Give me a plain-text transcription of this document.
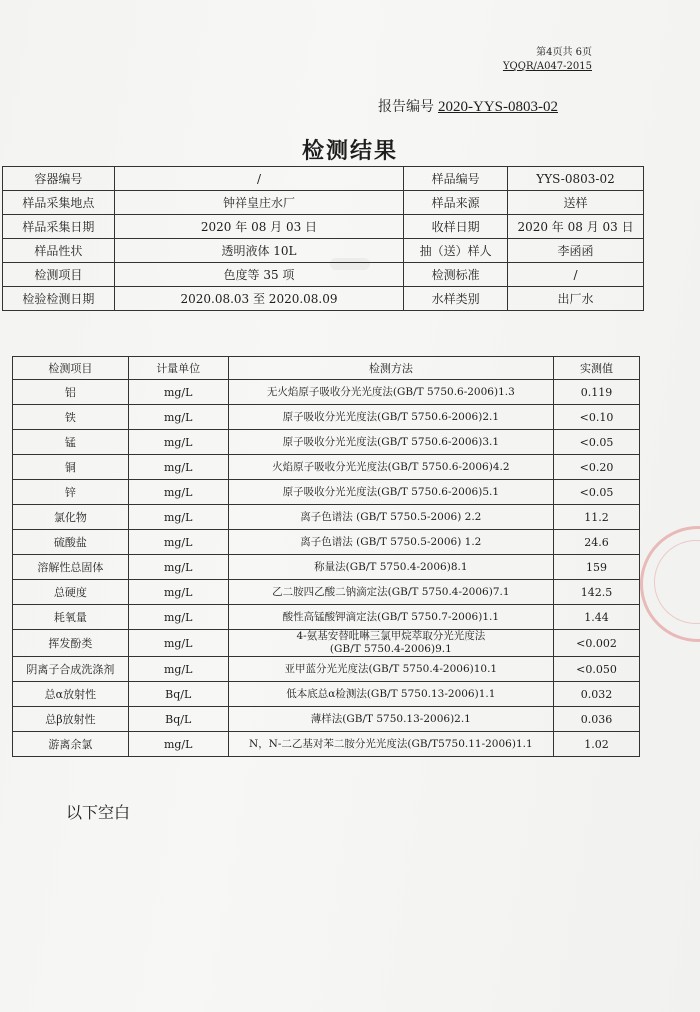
第4页共 6页
YQQR/A047-2015
报告编号 2020-YYS-0803-02
检测结果
容器编号	/	样品编号	YYS-0803-02
样品采集地点	钟祥皇庄水厂	样品来源	送样
样品采集日期	2020 年 08 月 03 日	收样日期	2020 年 08 月 03 日
样品性状	透明液体 10L	抽（送）样人	李函函
检测项目	色度等 35 项	检测标准	/
检验检测日期	2020.08.03 至 2020.08.09	水样类别	出厂水
检测项目	计量单位	检测方法	实测值
铝	mg/L	无火焰原子吸收分光光度法(GB/T 5750.6-2006)1.3	0.119
铁	mg/L	原子吸收分光光度法(GB/T 5750.6-2006)2.1	<0.10
锰	mg/L	原子吸收分光光度法(GB/T 5750.6-2006)3.1	<0.05
铜	mg/L	火焰原子吸收分光光度法(GB/T 5750.6-2006)4.2	<0.20
锌	mg/L	原子吸收分光光度法(GB/T 5750.6-2006)5.1	<0.05
氯化物	mg/L	离子色谱法 (GB/T 5750.5-2006) 2.2	11.2
硫酸盐	mg/L	离子色谱法 (GB/T 5750.5-2006) 1.2	24.6
溶解性总固体	mg/L	称量法(GB/T 5750.4-2006)8.1	159
总硬度	mg/L	乙二胺四乙酸二钠滴定法(GB/T 5750.4-2006)7.1	142.5
耗氧量	mg/L	酸性高锰酸钾滴定法(GB/T 5750.7-2006)1.1	1.44
挥发酚类	mg/L	4-氨基安替吡啉三氯甲烷萃取分光光度法
(GB/T 5750.4-2006)9.1	<0.002
阴离子合成洗涤剂	mg/L	亚甲蓝分光光度法(GB/T 5750.4-2006)10.1	<0.050
总α放射性	Bq/L	低本底总α检测法(GB/T 5750.13-2006)1.1	0.032
总β放射性	Bq/L	薄样法(GB/T 5750.13-2006)2.1	0.036
游离余氯	mg/L	N，N-二乙基对苯二胺分光光度法(GB/T5750.11-2006)1.1	1.02
以下空白
